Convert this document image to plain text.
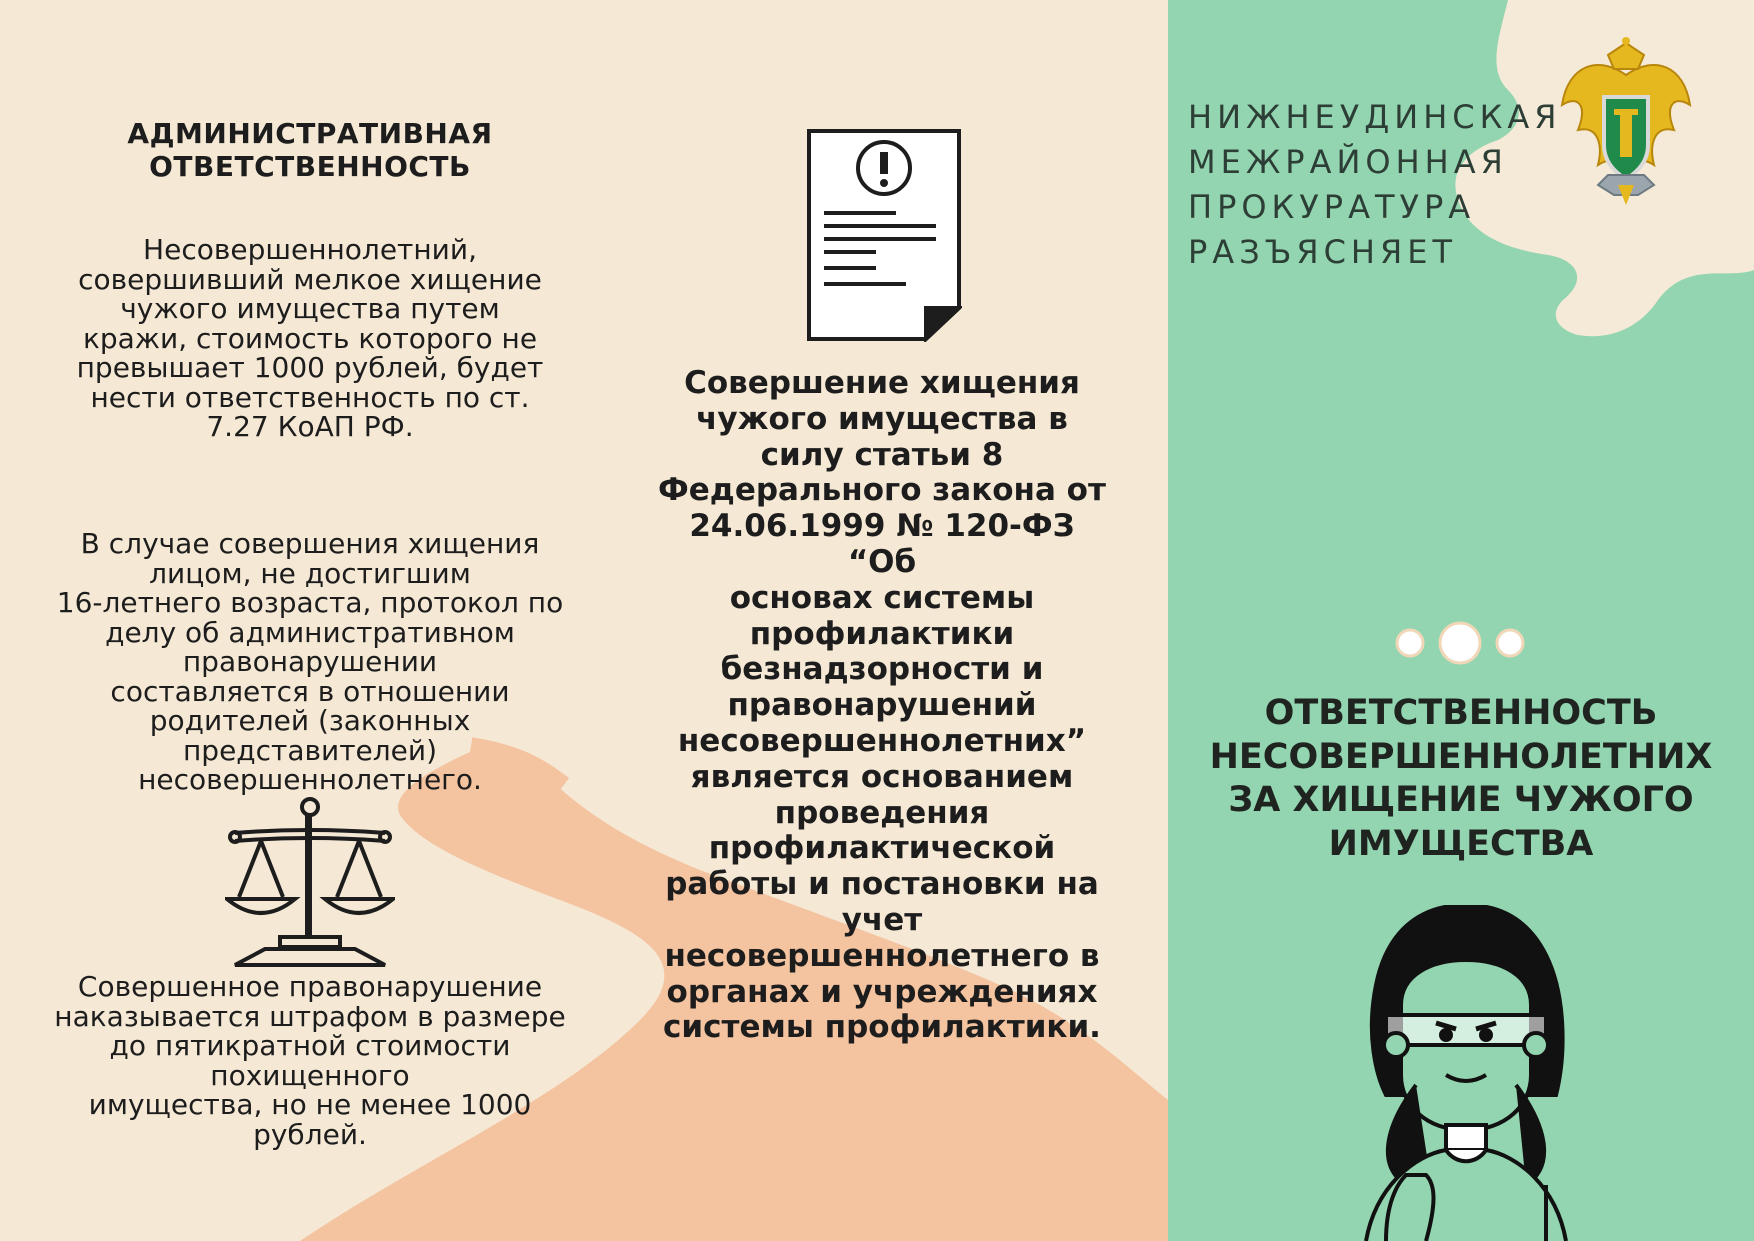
АДМИНИСТРАТИВНАЯ
ОТВЕТСТВЕННОСТЬ

Несовершеннолетний,
совершивший мелкое хищение
чужого имущества путем
кражи, стоимость которого не
превышает 1000 рублей, будет
нести ответственность по ст.
7.27 КоАП РФ.

В случае совершения хищения
лицом, не достигшим
16-летнего возраста, протокол по
делу об административном
правонарушении
составляется в отношении
родителей (законных
представителей)
несовершеннолетнего.

Совершенное правонарушение
наказывается штрафом в размере
до пятикратной стоимости
похищенного
имущества, но не менее 1000
рублей.

Совершение хищения
чужого имущества в
силу статьи 8
Федерального закона от
24.06.1999 № 120-ФЗ “Об
основах системы
профилактики
безнадзорности и
правонарушений
несовершеннолетних”
является основанием
проведения
профилактической
работы и постановки на
учет
несовершеннолетнего в
органах и учреждениях
системы профилактики.

НИЖНЕУДИНСКАЯ
МЕЖРАЙОННАЯ
ПРОКУРАТУРА
РАЗЪЯСНЯЕТ
ОТВЕТСТВЕННОСТЬ
НЕСОВЕРШЕННОЛЕТНИХ
ЗА ХИЩЕНИЕ ЧУЖОГО
ИМУЩЕСТВА
